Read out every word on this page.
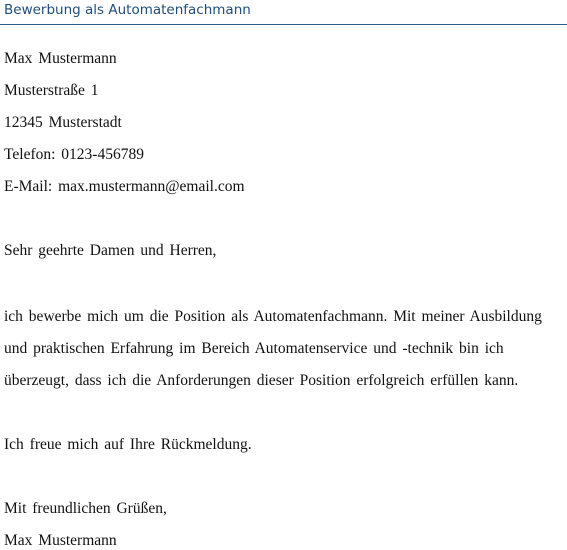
Bewerbung als Automatenfachmann
Max Mustermann
Musterstraße 1
12345 Musterstadt
Telefon: 0123-456789
E-Mail: max.mustermann@email.com
Sehr geehrte Damen und Herren,
ich bewerbe mich um die Position als Automatenfachmann. Mit meiner Ausbildung
und praktischen Erfahrung im Bereich Automatenservice und -technik bin ich
überzeugt, dass ich die Anforderungen dieser Position erfolgreich erfüllen kann.
Ich freue mich auf Ihre Rückmeldung.
Mit freundlichen Grüßen,
Max Mustermann
